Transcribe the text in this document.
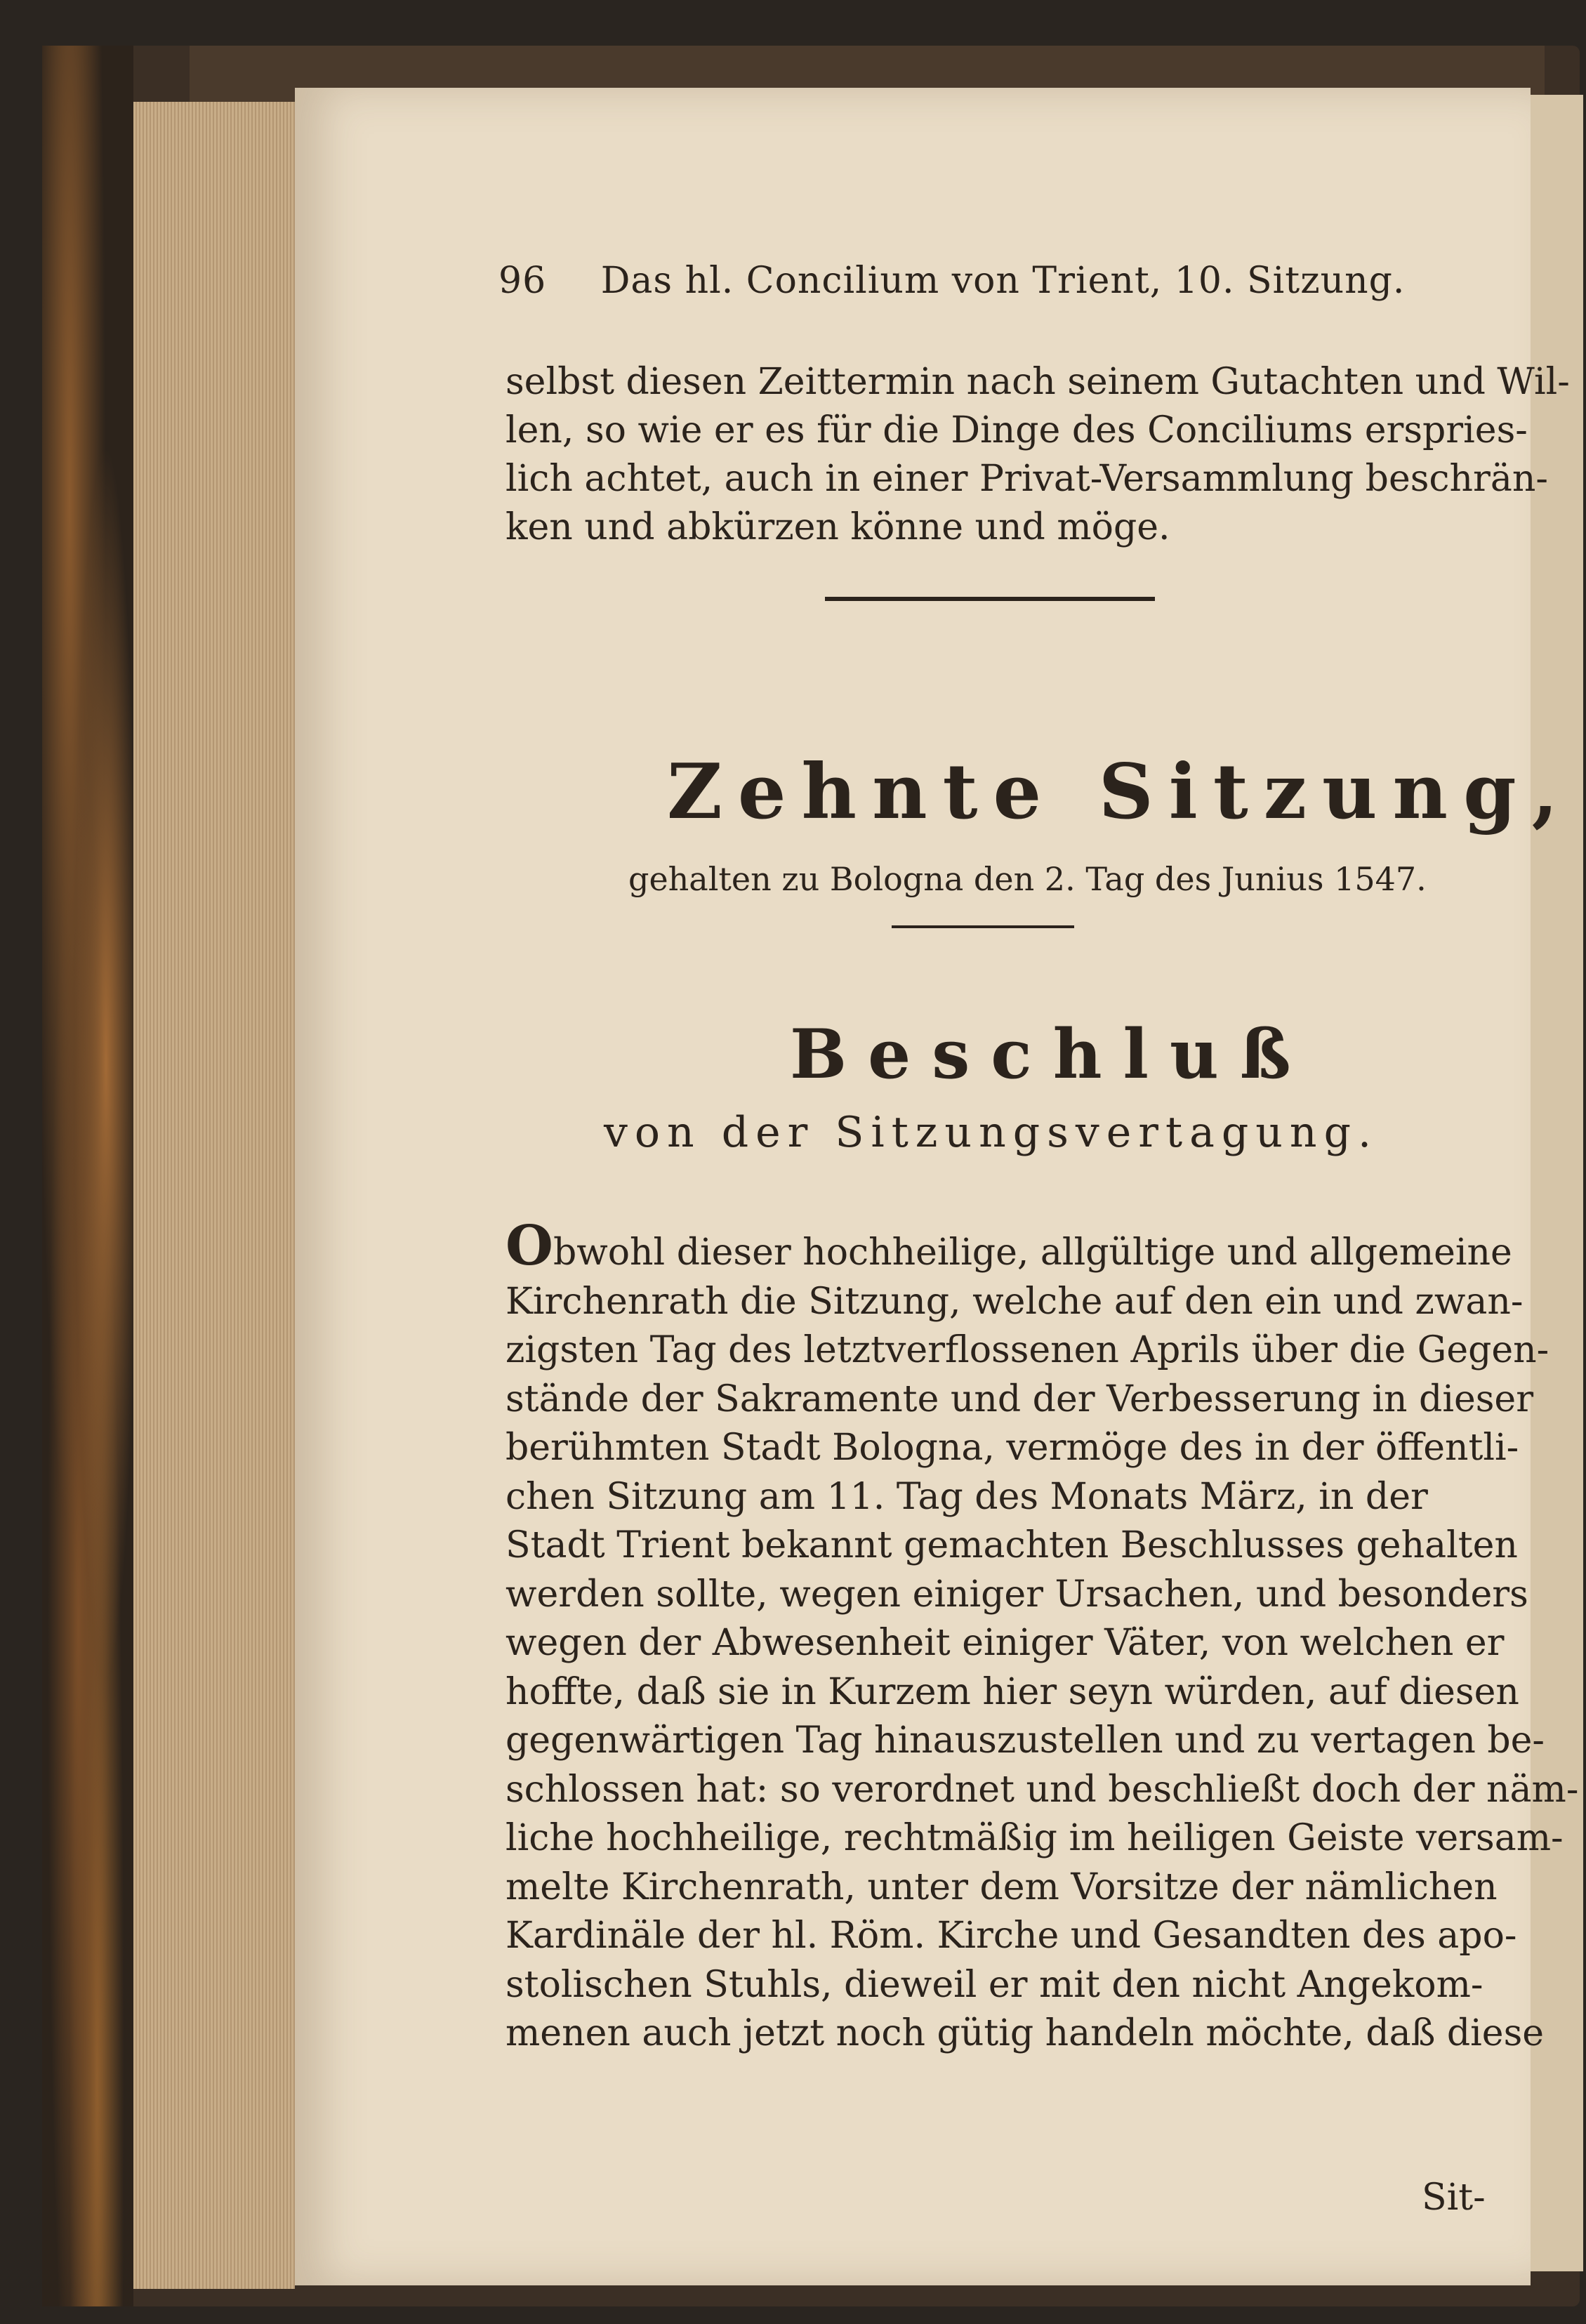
96 Das hl. Concilium von Trient, 10. Sitzung.
selbst diesen Zeittermin nach seinem Gutachten und Wil-
len, so wie er es für die Dinge des Conciliums erspries-
lich achtet, auch in einer Privat-Versammlung beschrän-
ken und abkürzen könne und möge.
Zehnte Sitzung,
gehalten zu Bologna den 2. Tag des Junius 1547.
Beschluß
von der Sitzungsvertagung.
Obwohl dieser hochheilige, allgültige und allgemeine
Kirchenrath die Sitzung, welche auf den ein und zwan-
zigsten Tag des letztverflossenen Aprils über die Gegen-
stände der Sakramente und der Verbesserung in dieser
berühmten Stadt Bologna, vermöge des in der öffentli-
chen Sitzung am 11. Tag des Monats März, in der
Stadt Trient bekannt gemachten Beschlusses gehalten
werden sollte, wegen einiger Ursachen, und besonders
wegen der Abwesenheit einiger Väter, von welchen er
hoffte, daß sie in Kurzem hier seyn würden, auf diesen
gegenwärtigen Tag hinauszustellen und zu vertagen be-
schlossen hat: so verordnet und beschließt doch der näm-
liche hochheilige, rechtmäßig im heiligen Geiste versam-
melte Kirchenrath, unter dem Vorsitze der nämlichen
Kardinäle der hl. Röm. Kirche und Gesandten des apo-
stolischen Stuhls, dieweil er mit den nicht Angekom-
menen auch jetzt noch gütig handeln möchte, daß diese
Sit-
